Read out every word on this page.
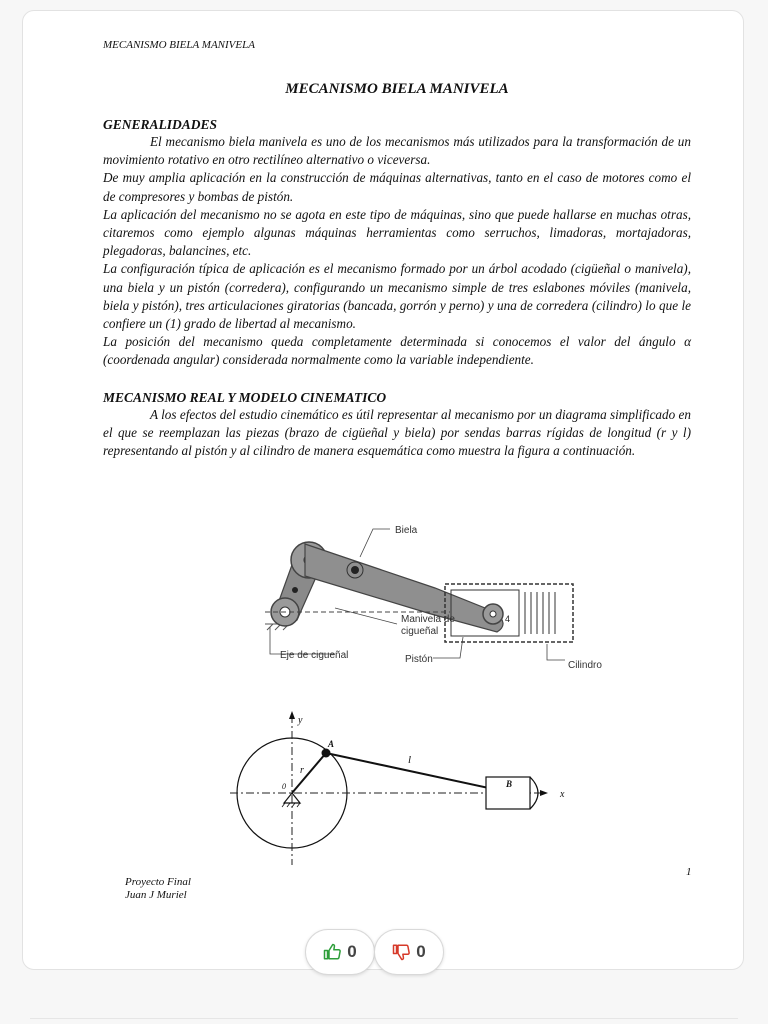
MECANISMO BIELA MANIVELA
MECANISMO BIELA MANIVELA
GENERALIDADES

El mecanismo biela manivela es uno de los mecanismos más utilizados para la transformación de un movimiento rotativo en otro rectilíneo alternativo o viceversa.

De muy amplia aplicación en la construcción de máquinas alternativas, tanto en el caso de motores como el de compresores y bombas de pistón.

La aplicación del mecanismo no se agota en este tipo de máquinas, sino que puede hallarse en muchas otras, citaremos como ejemplo algunas máquinas herramientas como serruchos, limadoras, mortajadoras, plegadoras, balancines, etc.

La configuración típica de aplicación es el mecanismo formado por un árbol acodado (cigüeñal o manivela), una biela y un pistón (corredera), configurando un mecanismo simple de tres eslabones móviles (manivela, biela y pistón), tres articulaciones giratorias (bancada, gorrón y perno) y una de corredera (cilindro) lo que le confiere un (1) grado de libertad al mecanismo.

La posición del mecanismo queda completamente determinada si conocemos el valor del ángulo α (coordenada angular) considerada normalmente como la variable independiente.

MECANISMO REAL Y MODELO CINEMATICO

A los efectos del estudio cinemático es útil representar al mecanismo por un diagrama simplificado en el que se reemplazan las piezas (brazo de cigüeñal y biela) por sendas barras rígidas de longitud (r y l) representando al pistón y al cilindro de manera esquemática como muestra la figura a continuación.

4
Biela
Manivela de
cigueñal
Eje de cigueñal	Pistón
Cilindro
y
x
A
B
r
l
0
1
Proyecto Final
Juan J Muriel
0	0
